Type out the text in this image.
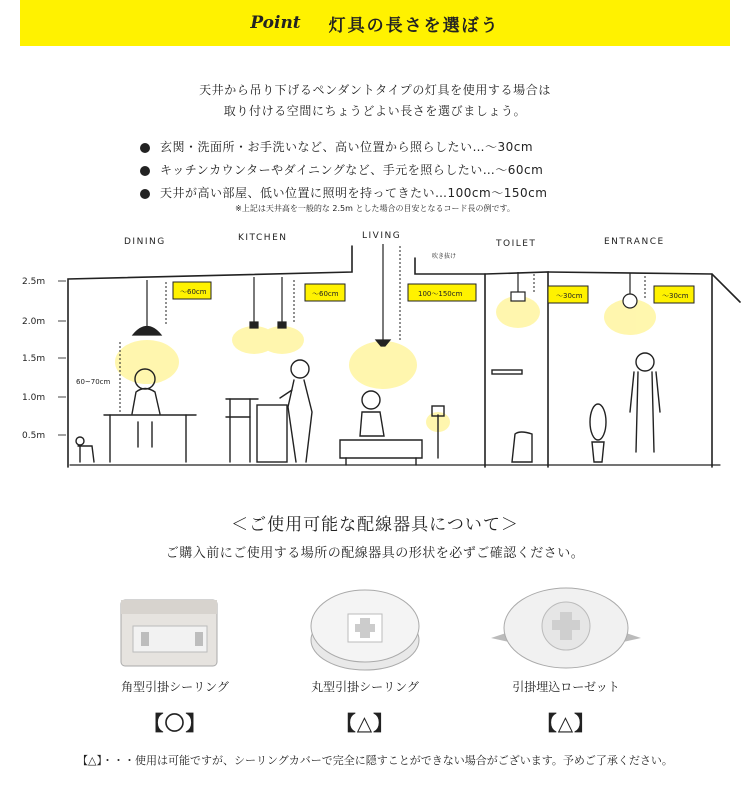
Point 灯具の長さを選ぼう
天井から吊り下げるペンダントタイプの灯具を使用する場合は
取り付ける空間にちょうどよい長さを選びましょう。
玄関・洗面所・お手洗いなど、高い位置から照らしたい…～30cm
キッチンカウンターやダイニングなど、手元を照らしたい…～60cm
天井が高い部屋、低い位置に照明を持ってきたい…100cm～150cm
※上記は天井高を一般的な 2.5m とした場合の目安となるコード長の例です。
DINING	KITCHEN	LIVING
TOILET	ENTRANCE
吹き抜け
2.5m
2.0m
1.5m
1.0m
0.5m
～60cm	～60cm	100～150cm	～30cm	～30cm
60~70cm
＜ご使用可能な配線器具について＞
ご購入前にご使用する場所の配線器具の形状を必ずご確認ください。
角型引掛シーリング
【〇】
丸型引掛シーリング
【△】
引掛埋込ローゼット
【△】
【△】・・・使用は可能ですが、シーリングカバーで完全に隠すことができない場合がございます。予めご了承ください。
